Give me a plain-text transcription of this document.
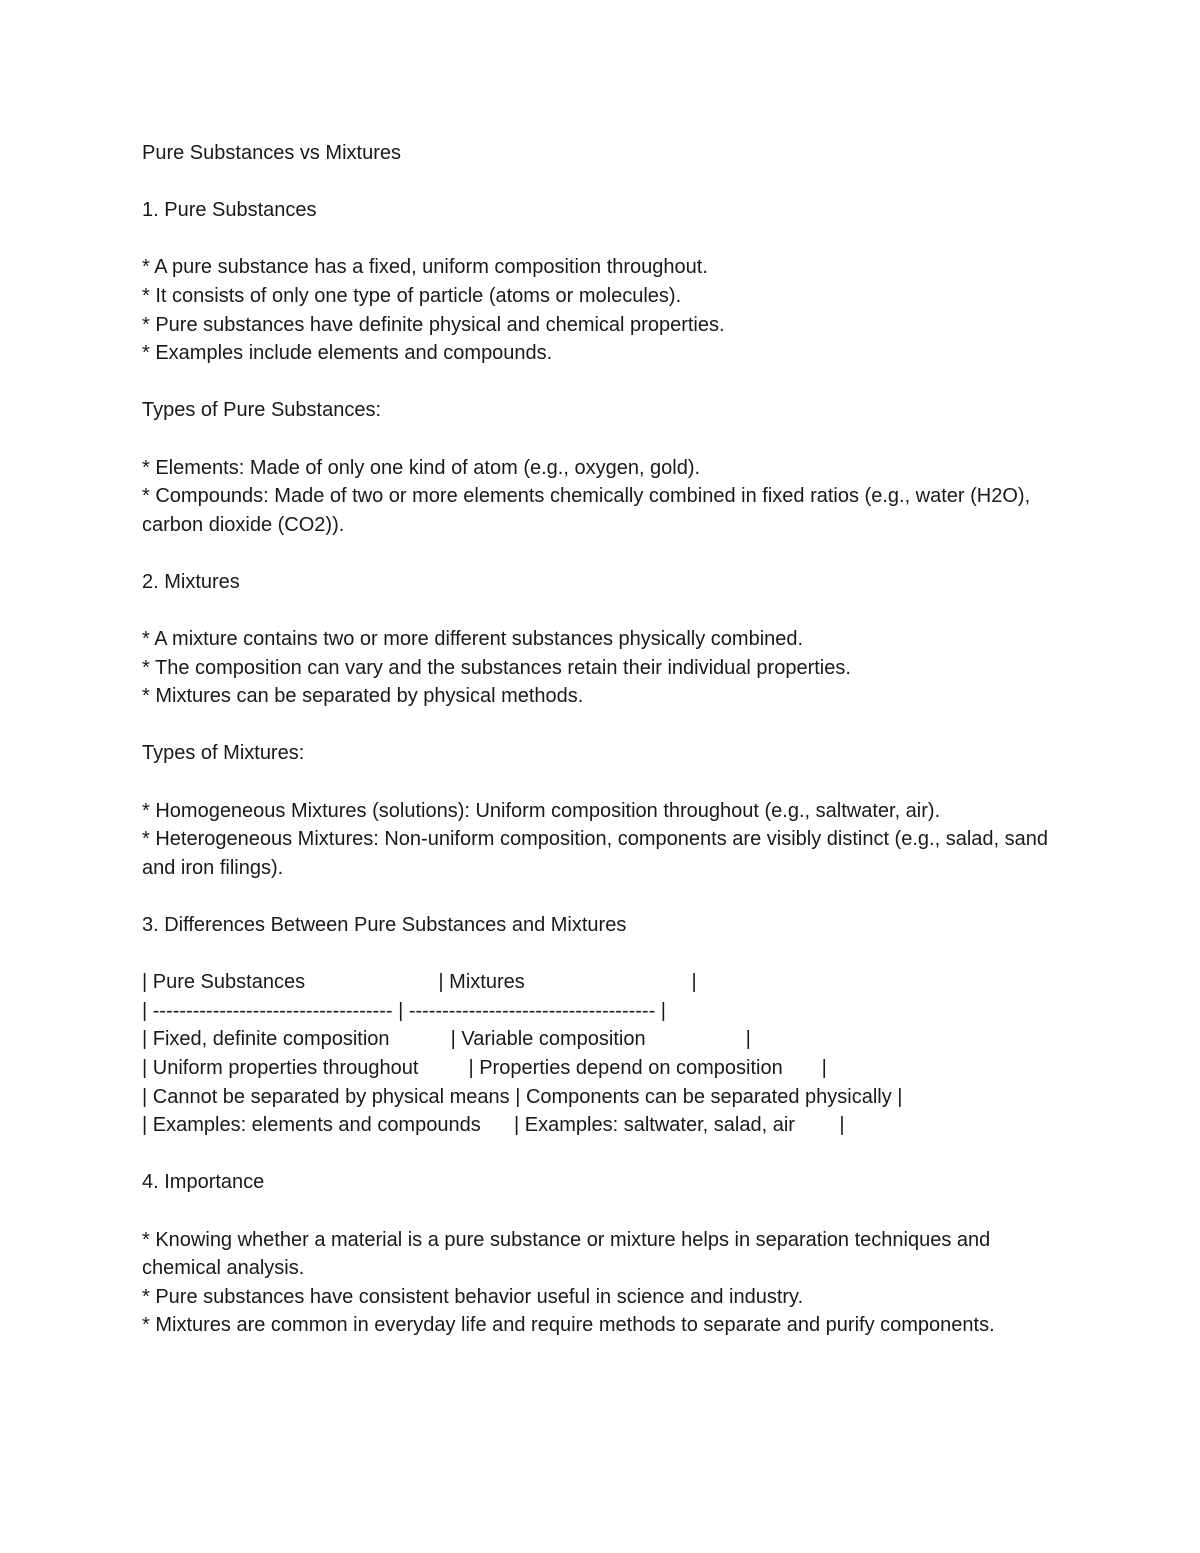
Pure Substances vs Mixtures

1. Pure Substances

* A pure substance has a fixed, uniform composition throughout.

* It consists of only one type of particle (atoms or molecules).

* Pure substances have definite physical and chemical properties.

* Examples include elements and compounds.

Types of Pure Substances:

* Elements: Made of only one kind of atom (e.g., oxygen, gold).

* Compounds: Made of two or more elements chemically combined in fixed ratios (e.g., water (H2O), carbon dioxide (CO2)).

2. Mixtures

* A mixture contains two or more different substances physically combined.

* The composition can vary and the substances retain their individual properties.

* Mixtures can be separated by physical methods.

Types of Mixtures:

* Homogeneous Mixtures (solutions): Uniform composition throughout (e.g., saltwater, air).

* Heterogeneous Mixtures: Non-uniform composition, components are visibly distinct (e.g., salad, sand and iron filings).

3. Differences Between Pure Substances and Mixtures

| Pure Substances                        | Mixtures                              |

| ------------------------------------ | ------------------------------------- |

| Fixed, definite composition           | Variable composition                  |

| Uniform properties throughout         | Properties depend on composition       |

| Cannot be separated by physical means | Components can be separated physically |

| Examples: elements and compounds      | Examples: saltwater, salad, air        |

4. Importance

* Knowing whether a material is a pure substance or mixture helps in separation techniques and chemical analysis.

* Pure substances have consistent behavior useful in science and industry.

* Mixtures are common in everyday life and require methods to separate and purify components.
